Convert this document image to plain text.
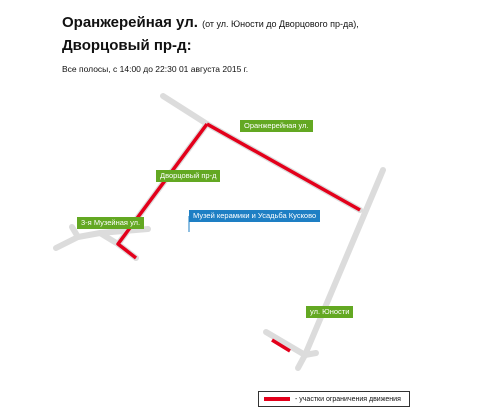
Оранжерейная ул. (от ул. Юности до Дворцового пр-да),
Дворцовый пр-д:
Все полосы, с 14:00 до 22:30 01 августа 2015 г.
Оранжерейная ул.
Дворцовый пр-д
3-я Музейная ул.
Музей керамики и Усадьба Кусково
ул. Юности
- участки ограничения движения
